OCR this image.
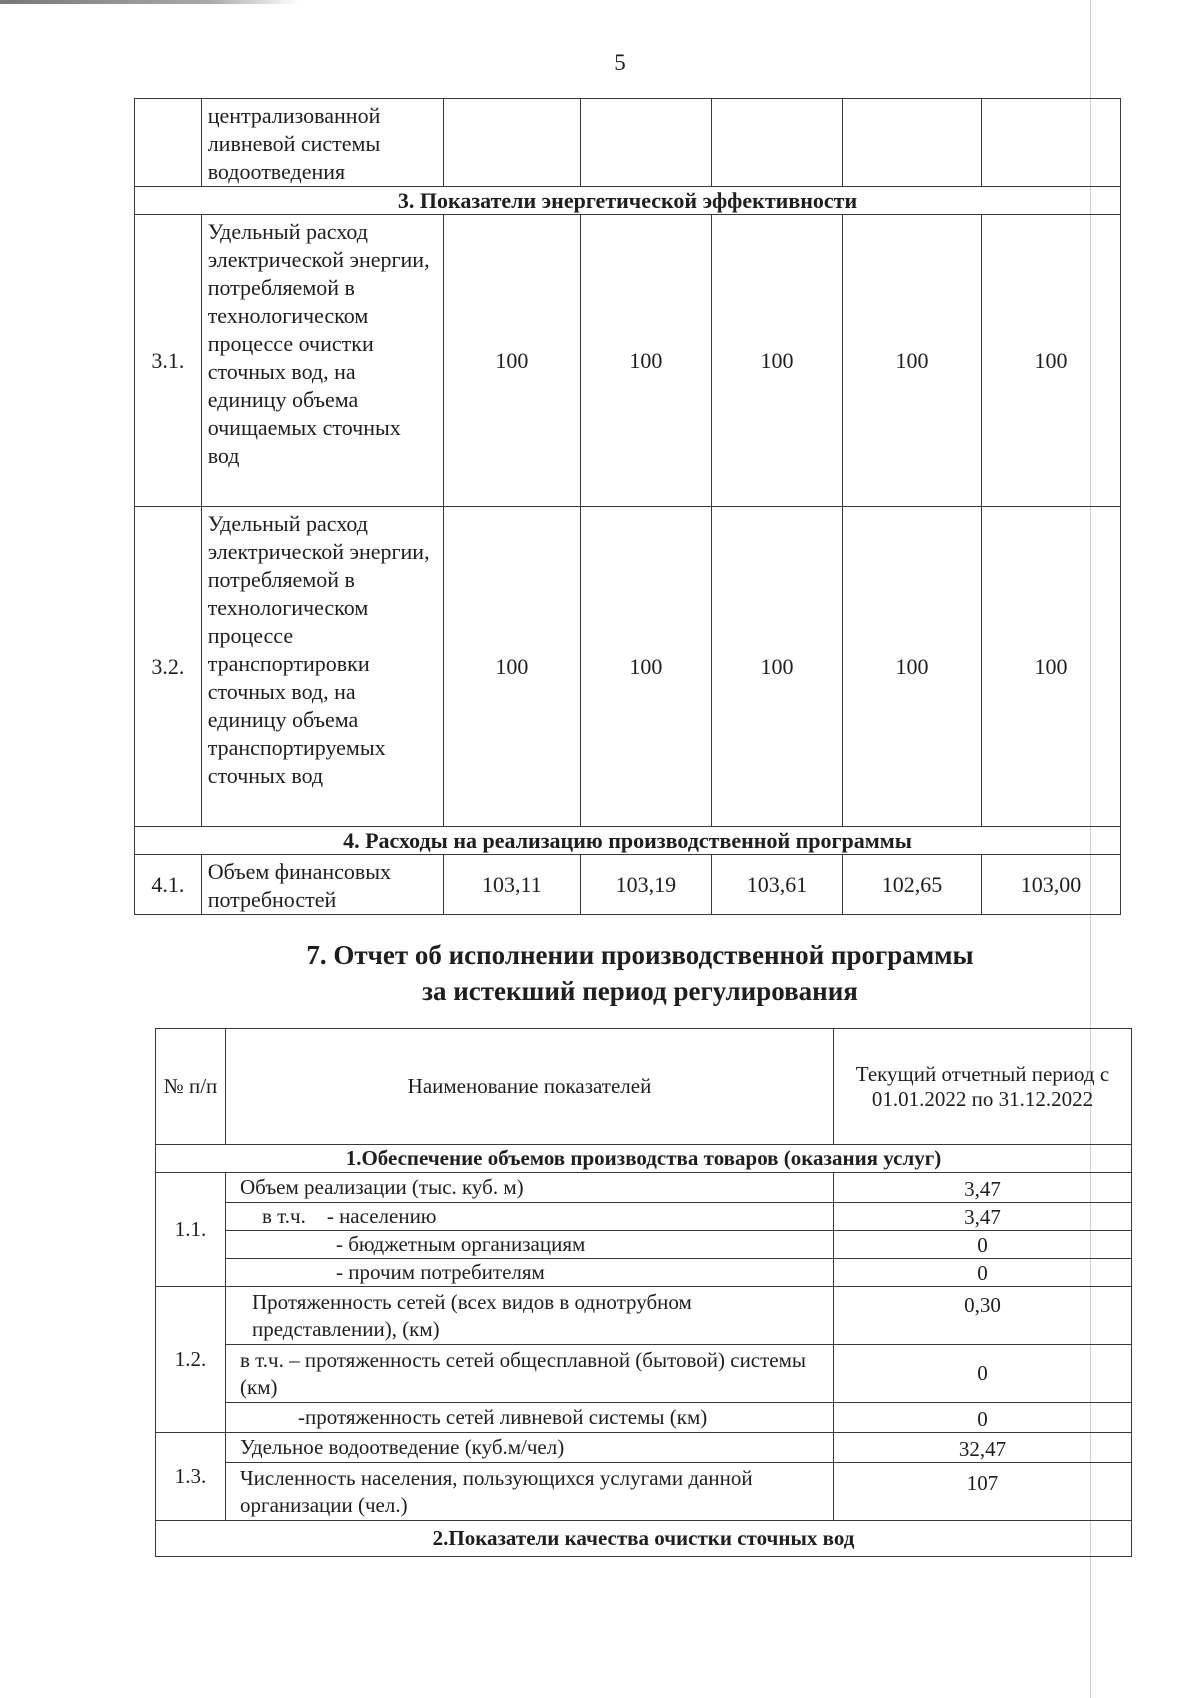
5
	централизованной ливневой системы водоотведения					
3. Показатели энергетической эффективности						
3.1.	Удельный расход электрической энергии, потребляемой в технологическом процессе очистки сточных вод, на единицу объема очищаемых сточных вод	100	100	100	100	100
3.2.	Удельный расход электрической энергии, потребляемой в технологическом процессе транспортировки сточных вод, на единицу объема транспортируемых сточных вод	100	100	100	100	100
4. Расходы на реализацию производственной программы						
4.1.	Объем финансовых потребностей	103,11	103,19	103,61	102,65	103,00
7. Отчет об исполнении производственной программы
за истекший период регулирования
№ п/п	Наименование показателей	Текущий отчетный период с 01.01.2022 по 31.12.2022
1.Обеспечение объемов производства товаров (оказания услуг)		
1.1.	Объем реализации (тыс. куб. м)	3,47
	в т.ч.    - населению	3,47
	- бюджетным организациям	0
	- прочим потребителям	0
1.2.	Протяженность сетей (всех видов в однотрубном представлении), (км)	0,30
	в т.ч. – протяженность сетей общесплавной (бытовой) системы (км)	0
	-протяженность сетей ливневой системы (км)	0
1.3.	Удельное водоотведение (куб.м/чел)	32,47
	Численность населения, пользующихся услугами данной организации (чел.)	107
2.Показатели качества очистки сточных вод		
